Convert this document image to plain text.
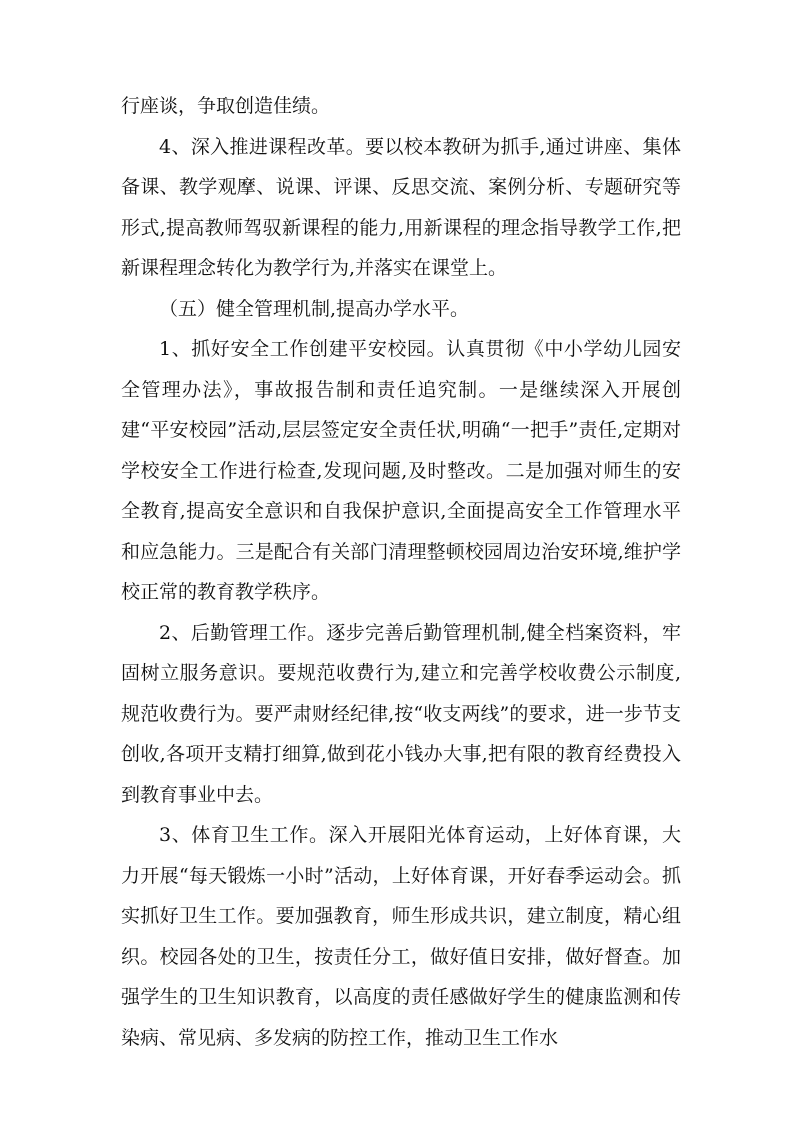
行座谈，争取创造佳绩。

4、深入推进课程改革。要以校本教研为抓手,通过讲座、集体备课、教学观摩、说课、评课、反思交流、案例分析、专题研究等形式,提高教师驾驭新课程的能力,用新课程的理念指导教学工作,把新课程理念转化为教学行为,并落实在课堂上。

（五）健全管理机制,提高办学水平。

1、抓好安全工作创建平安校园。认真贯彻《中小学幼儿园安全管理办法》，事故报告制和责任追究制。一是继续深入开展创建“平安校园”活动,层层签定安全责任状,明确“一把手”责任,定期对学校安全工作进行检查,发现问题,及时整改。二是加强对师生的安全教育,提高安全意识和自我保护意识,全面提高安全工作管理水平和应急能力。三是配合有关部门清理整顿校园周边治安环境,维护学校正常的教育教学秩序。

2、后勤管理工作。逐步完善后勤管理机制,健全档案资料，牢固树立服务意识。要规范收费行为,建立和完善学校收费公示制度,规范收费行为。要严肃财经纪律,按“收支两线”的要求，进一步节支创收,各项开支精打细算,做到花小钱办大事,把有限的教育经费投入到教育事业中去。

3、体育卫生工作。深入开展阳光体育运动，上好体育课，大力开展“每天锻炼一小时”活动，上好体育课，开好春季运动会。抓实抓好卫生工作。要加强教育，师生形成共识，建立制度，精心组织。校园各处的卫生，按责任分工，做好值日安排，做好督查。加强学生的卫生知识教育，以高度的责任感做好学生的健康监测和传染病、常见病、多发病的防控工作，推动卫生工作水
